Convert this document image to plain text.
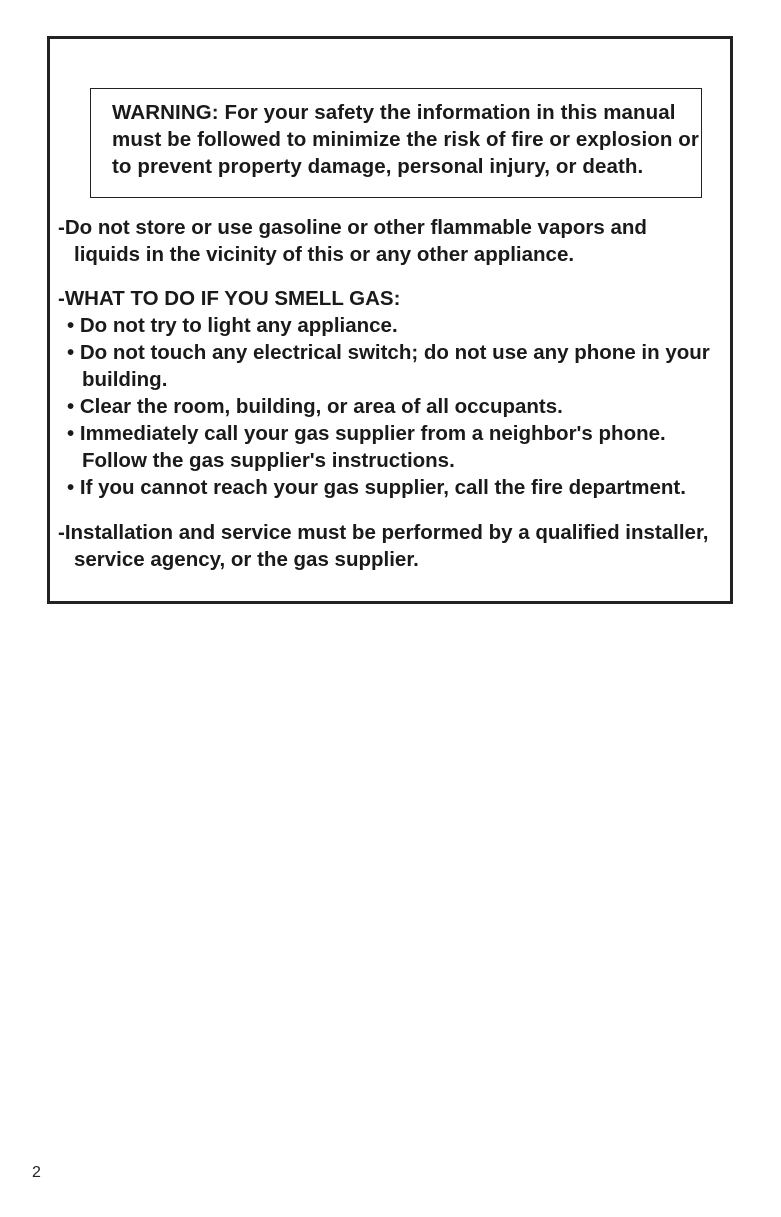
WARNING: For your safety the information in this manual
must be followed to minimize the risk of fire or explosion or
to prevent property damage, personal injury, or death.
-Do not store or use gasoline or other flammable vapors and
liquids in the vicinity of this or any other appliance.
-WHAT TO DO IF YOU SMELL GAS:
• Do not try to light any appliance.
• Do not touch any electrical switch; do not use any phone in your
building.
• Clear the room, building, or area of all occupants.
• Immediately call your gas supplier from a neighbor's phone.
Follow the gas supplier's instructions.
• If you cannot reach your gas supplier, call the fire department.
-Installation and service must be performed by a qualified installer,
service agency, or the gas supplier.
2
